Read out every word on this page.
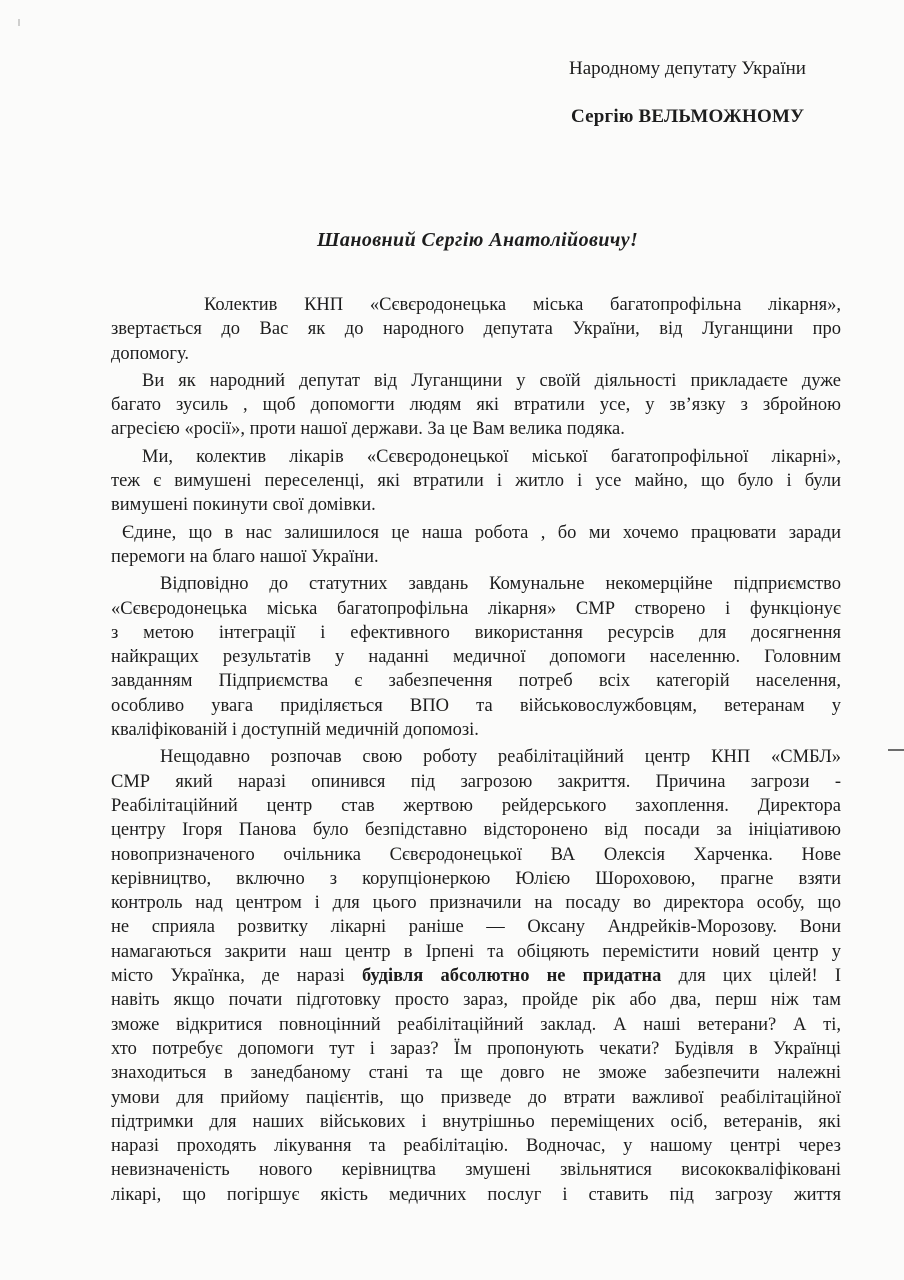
Народному депутату України
Сергію ВЕЛЬМОЖНОМУ
Шановний Сергію Анатолійовичу!
Колектив КНП «Сєвєродонецька міська багатопрофільна лікарня»,
звертається до Вас як до народного депутата України, від Луганщини про
допомогу.
Ви як народний депутат від Луганщини у своїй діяльності прикладаєте дуже
багато зусиль , щоб допомогти людям які втратили усе, у зв’язку з збройною
агресією «росії», проти нашої держави. За це Вам велика подяка.
Ми, колектив лікарів «Сєвєродонецької міської багатопрофільної лікарні»,
теж є вимушені переселенці, які втратили і житло і усе майно, що було і були
вимушені покинути свої домівки.
Єдине, що в нас залишилося це наша робота , бо ми хочемо працювати заради
перемоги на благо нашої України.
Відповідно до статутних завдань Комунальне некомерційне підприємство
«Сєвєродонецька міська багатопрофільна лікарня» СМР створено і функціонує
з метою інтеграції і ефективного використання ресурсів для досягнення
найкращих результатів у наданні медичної допомоги населенню. Головним
завданням Підприємства є забезпечення потреб всіх категорій населення,
особливо увага приділяється ВПО та військовослужбовцям, ветеранам у
кваліфікованій і доступній медичній допомозі.
Нещодавно розпочав свою роботу реабілітаційний центр КНП «СМБЛ»
СМР який наразі опинився під загрозою закриття. Причина загрози -
Реабілітаційний центр став жертвою рейдерського захоплення. Директора
центру Ігоря Панова було безпідставно відсторонено від посади за ініціативою
новопризначеного очільника Сєвєродонецької ВА Олексія Харченка. Нове
керівництво, включно з корупціонеркою Юлією Шороховою, прагне взяти
контроль над центром і для цього призначили на посаду во директора особу, що
не сприяла розвитку лікарні раніше — Оксану Андрейків-Морозову. Вони
намагаються закрити наш центр в Ірпені та обіцяють перемістити новий центр у
місто Українка, де наразі будівля абсолютно не придатна для цих цілей! І
навіть якщо почати підготовку просто зараз, пройде рік або два, перш ніж там
зможе відкритися повноцінний реабілітаційний заклад. А наші ветерани? А ті,
хто потребує допомоги тут і зараз? Їм пропонують чекати? Будівля в Українці
знаходиться в занедбаному стані та ще довго не зможе забезпечити належні
умови для прийому пацієнтів, що призведе до втрати важливої реабілітаційної
підтримки для наших військових і внутрішньо переміщених осіб, ветеранів, які
наразі проходять лікування та реабілітацію. Водночас, у нашому центрі через
невизначеність нового керівництва змушені звільнятися висококваліфіковані
лікарі, що погіршує якість медичних послуг і ставить під загрозу життя
